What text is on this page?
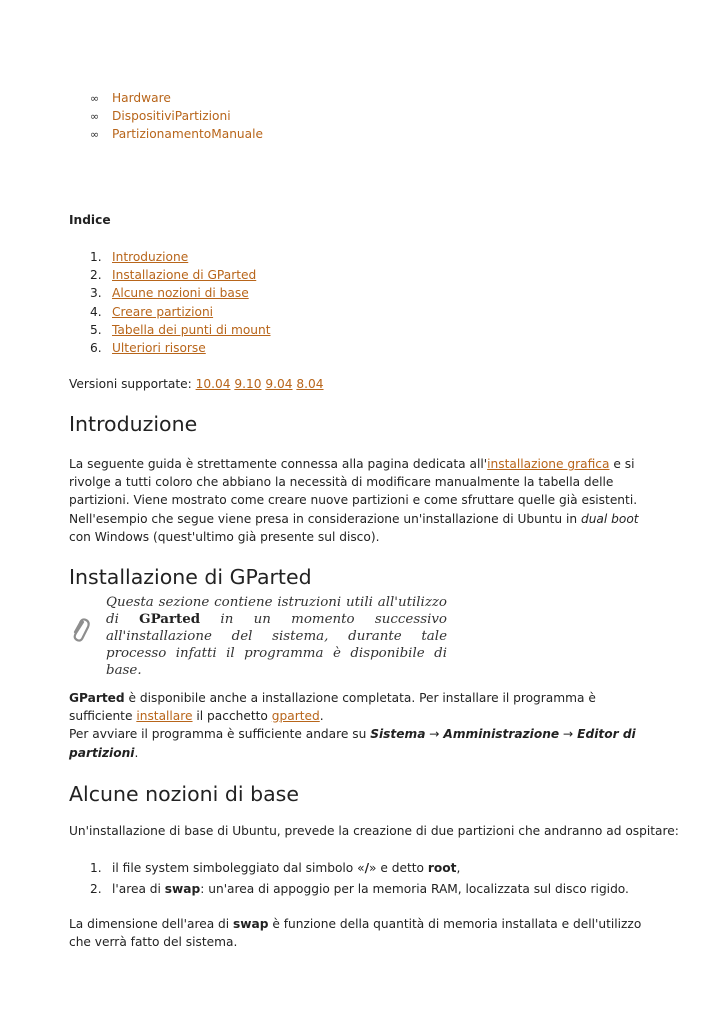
∞ Hardware
∞ DispositiviPartizioni
∞ PartizionamentoManuale
Indice
1. Introduzione
2. Installazione di GParted
3. Alcune nozioni di base
4. Creare partizioni
5. Tabella dei punti di mount
6. Ulteriori risorse
Versioni supportate: 10.04 9.10 9.04 8.04
Introduzione
La seguente guida è strettamente connessa alla pagina dedicata all'installazione grafica e si rivolge a tutti coloro che abbiano la necessità di modificare manualmente la tabella delle partizioni. Viene mostrato come creare nuove partizioni e come sfruttare quelle già esistenti. Nell'esempio che segue viene presa in considerazione un'installazione di Ubuntu in dual boot con Windows (quest'ultimo già presente sul disco).
Installazione di GParted
Questa sezione contiene istruzioni utili all'utilizzo di GParted in un momento successivo all'installazione del sistema, durante tale processo infatti il programma è disponibile di base.
GParted è disponibile anche a installazione completata. Per installare il programma è sufficiente installare il pacchetto gparted.
Per avviare il programma è sufficiente andare su Sistema → Amministrazione → Editor di partizioni.
Alcune nozioni di base
Un'installazione di base di Ubuntu, prevede la creazione di due partizioni che andranno ad ospitare:
1. il file system simboleggiato dal simbolo «/» e detto root,
2. l'area di swap: un'area di appoggio per la memoria RAM, localizzata sul disco rigido.
La dimensione dell'area di swap è funzione della quantità di memoria installata e dell'utilizzo che verrà fatto del sistema.
